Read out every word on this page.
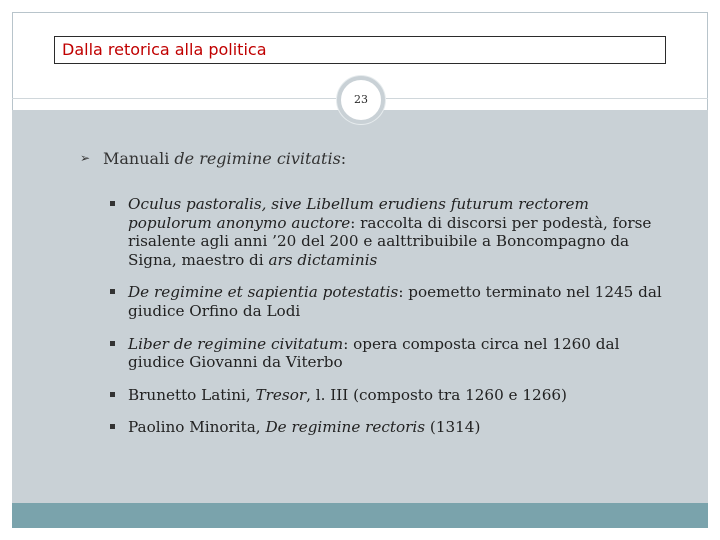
Dalla retorica alla politica
23
➢ Manuali de regimine civitatis:
Oculus pastoralis, sive Libellum erudiens futurum rectorem populorum anonymo auctore: raccolta di discorsi per podestà, forse risalente agli anni ’20 del 200 e aalttribuibile a Boncompagno da Signa, maestro di ars dictaminis
De regimine et sapientia potestatis: poemetto terminato nel 1245 dal giudice Orfino da Lodi
Liber de regimine civitatum: opera composta circa nel 1260 dal giudice Giovanni da Viterbo
Brunetto Latini, Tresor, l. III (composto tra 1260 e 1266)
Paolino Minorita, De regimine rectoris (1314)
